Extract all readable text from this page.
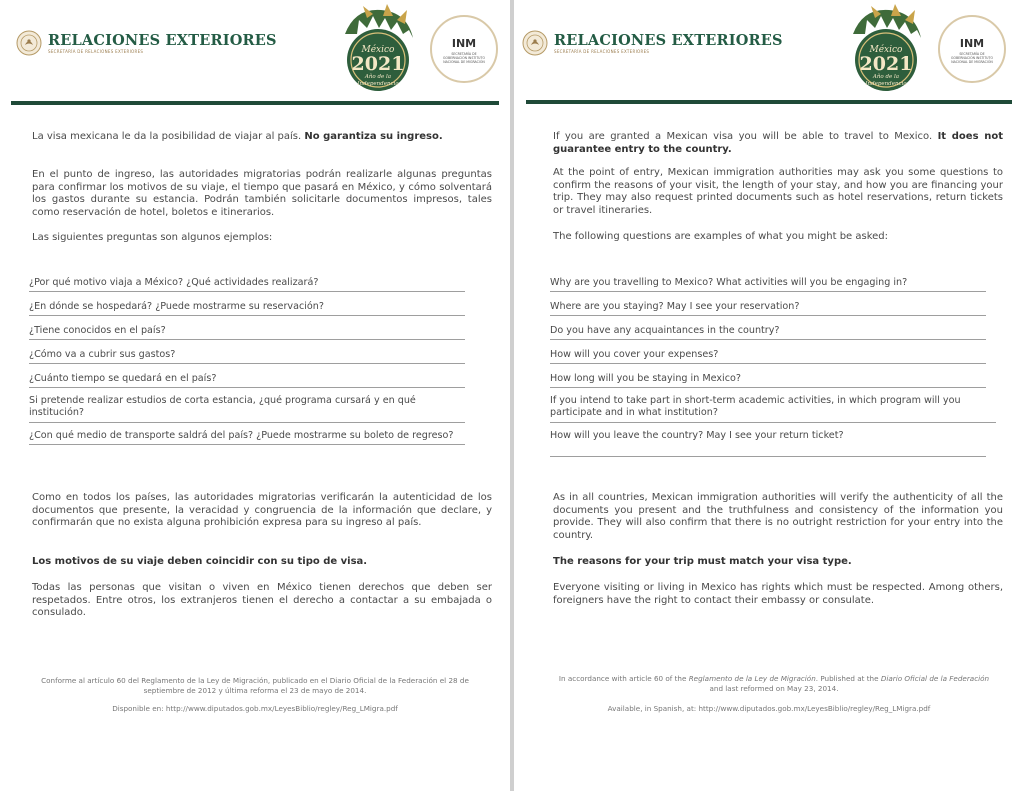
RELACIONES EXTERIORES
SECRETARÍA DE RELACIONES EXTERIORES	México
2021
Año de la
Independencia
INM
SECRETARÍA DE GOBERNACIÓN INSTITUTO NACIONAL DE MIGRACIÓN
La visa mexicana le da la posibilidad de viajar al país. No garantiza su ingreso.
En el punto de ingreso, las autoridades migratorias podrán realizarle algunas preguntas para confirmar los motivos de su viaje, el tiempo que pasará en México, y cómo solventará los gastos durante su estancia. Podrán también solicitarle documentos impresos, tales como reservación de hotel, boletos e itinerarios.
Las siguientes preguntas son algunos ejemplos:
¿Por qué motivo viaja a México? ¿Qué actividades realizará?
¿En dónde se hospedará? ¿Puede mostrarme su reservación?
¿Tiene conocidos en el país?
¿Cómo va a cubrir sus gastos?
¿Cuánto tiempo se quedará en el país?
Si pretende realizar estudios de corta estancia, ¿qué programa cursará y en qué institución?
¿Con qué medio de transporte saldrá del país? ¿Puede mostrarme su boleto de regreso?
Como en todos los países, las autoridades migratorias verificarán la autenticidad de los documentos que presente, la veracidad y congruencia de la información que declare, y confirmarán que no exista alguna prohibición expresa para su ingreso al país.
Los motivos de su viaje deben coincidir con su tipo de visa.
Todas las personas que visitan o viven en México tienen derechos que deben ser respetados. Entre otros, los extranjeros tienen el derecho a contactar a su embajada o consulado.
Conforme al artículo 60 del Reglamento de la Ley de Migración, publicado en el Diario Oficial de la Federación el 28 de septiembre de 2012 y última reforma el 23 de mayo de 2014.
Disponible en: http://www.diputados.gob.mx/LeyesBiblio/regley/Reg_LMigra.pdf
RELACIONES EXTERIORES
SECRETARÍA DE RELACIONES EXTERIORES	México
2021
Año de la
Independencia
INM
SECRETARÍA DE GOBERNACIÓN INSTITUTO NACIONAL DE MIGRACIÓN
If you are granted a Mexican visa you will be able to travel to Mexico. It does not guarantee entry to the country.
At the point of entry, Mexican immigration authorities may ask you some questions to confirm the reasons of your visit, the length of your stay, and how you are financing your trip. They may also request printed documents such as hotel reservations, return tickets or travel itineraries.
The following questions are examples of what you might be asked:
Why are you travelling to Mexico? What activities will you be engaging in?
Where are you staying? May I see your reservation?
Do you have any acquaintances in the country?
How will you cover your expenses?
How long will you be staying in Mexico?
If you intend to take part in short-term academic activities, in which program will you participate and in what institution?
How will you leave the country? May I see your return ticket?
As in all countries, Mexican immigration authorities will verify the authenticity of all the documents you present and the truthfulness and consistency of the information you provide. They will also confirm that there is no outright restriction for your entry into the country.
The reasons for your trip must match your visa type.
Everyone visiting or living in Mexico has rights which must be respected. Among others, foreigners have the right to contact their embassy or consulate.
In accordance with article 60 of the Reglamento de la Ley de Migración. Published at the Diario Oficial de la Federación and last reformed on May 23, 2014.
Available, in Spanish, at: http://www.diputados.gob.mx/LeyesBiblio/regley/Reg_LMigra.pdf
